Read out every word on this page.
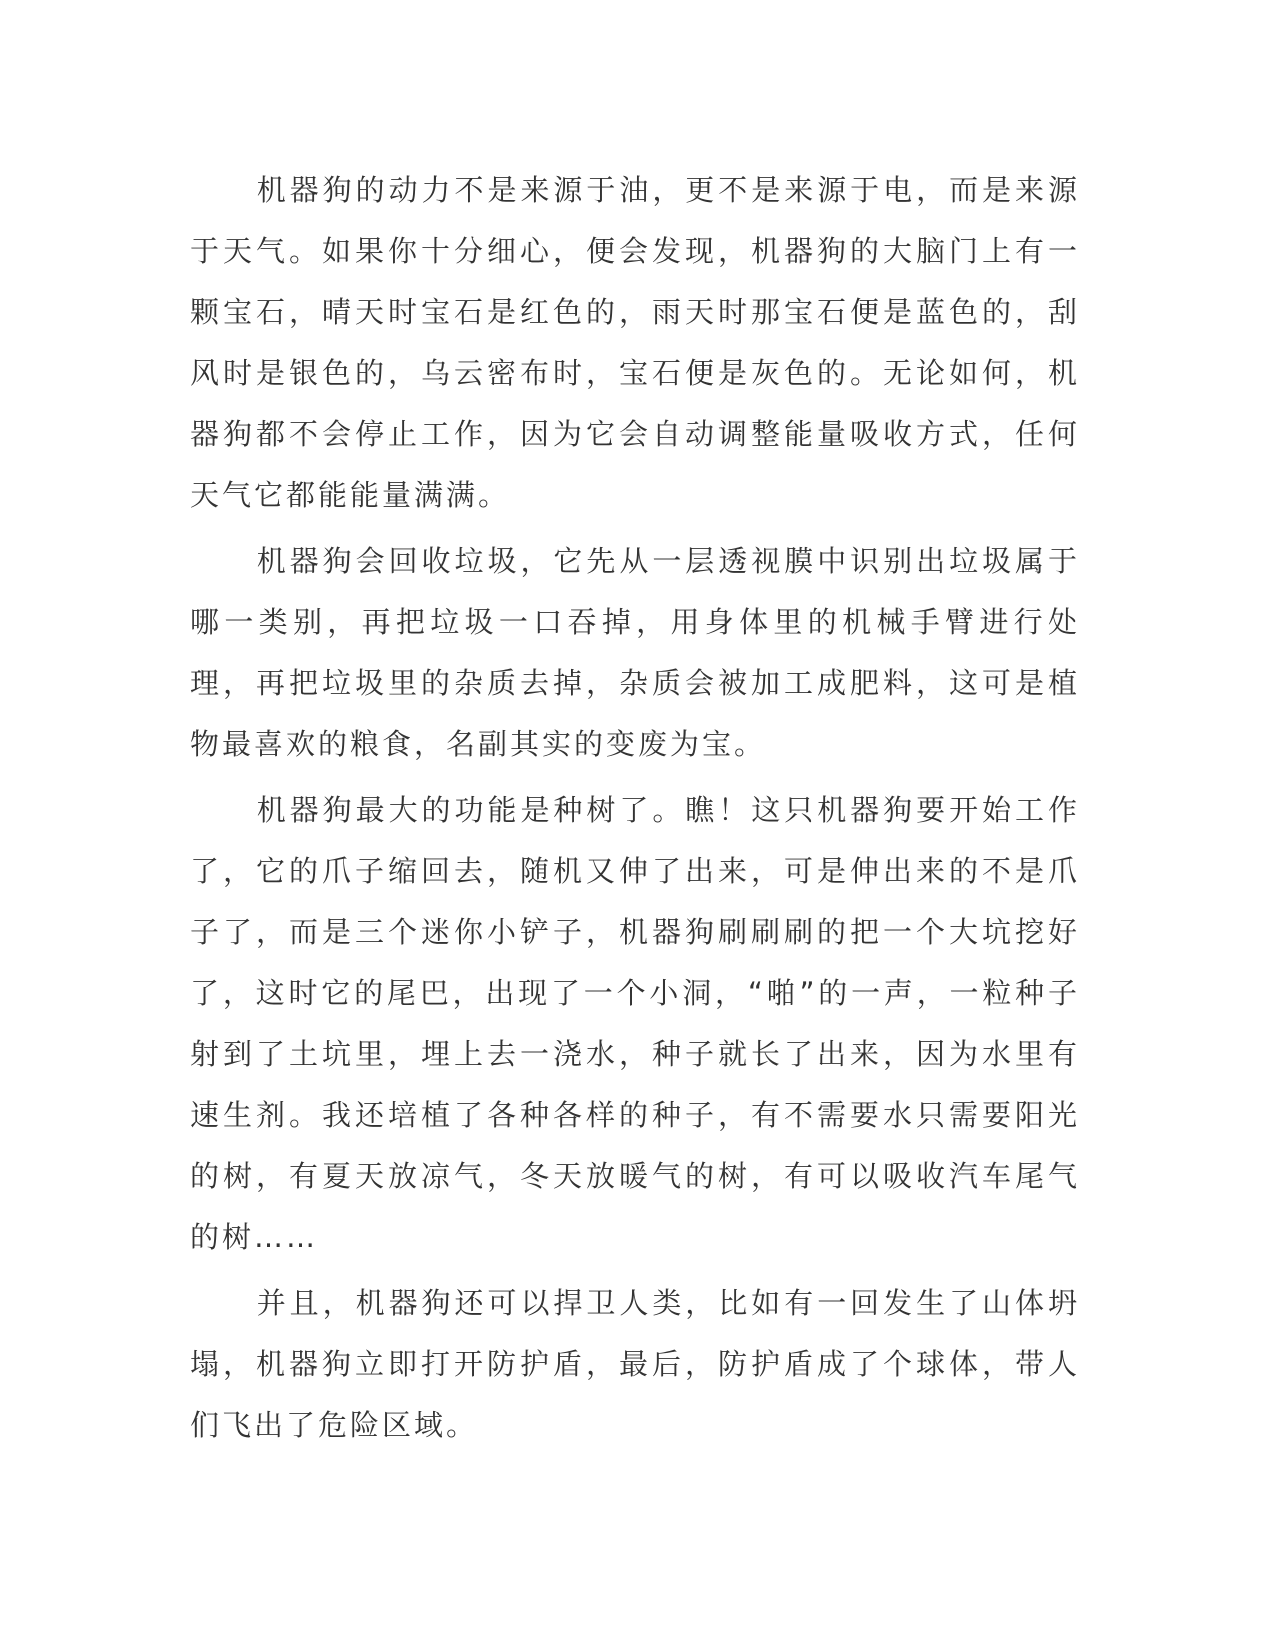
机器狗的动力不是来源于油，更不是来源于电，而是来源于天气。如果你十分细心，便会发现，机器狗的大脑门上有一颗宝石，晴天时宝石是红色的，雨天时那宝石便是蓝色的，刮风时是银色的，乌云密布时，宝石便是灰色的。无论如何，机器狗都不会停止工作，因为它会自动调整能量吸收方式，任何天气它都能能量满满。

机器狗会回收垃圾，它先从一层透视膜中识别出垃圾属于哪一类别，再把垃圾一口吞掉，用身体里的机械手臂进行处理，再把垃圾里的杂质去掉，杂质会被加工成肥料，这可是植物最喜欢的粮食，名副其实的变废为宝。

机器狗最大的功能是种树了。瞧！这只机器狗要开始工作了，它的爪子缩回去，随机又伸了出来，可是伸出来的不是爪子了，而是三个迷你小铲子，机器狗刷刷刷的把一个大坑挖好了，这时它的尾巴，出现了一个小洞，“啪”的一声，一粒种子射到了土坑里，埋上去一浇水，种子就长了出来，因为水里有速生剂。我还培植了各种各样的种子，有不需要水只需要阳光的树，有夏天放凉气，冬天放暖气的树，有可以吸收汽车尾气的树……

并且，机器狗还可以捍卫人类，比如有一回发生了山体坍塌，机器狗立即打开防护盾，最后，防护盾成了个球体，带人们飞出了危险区域。
